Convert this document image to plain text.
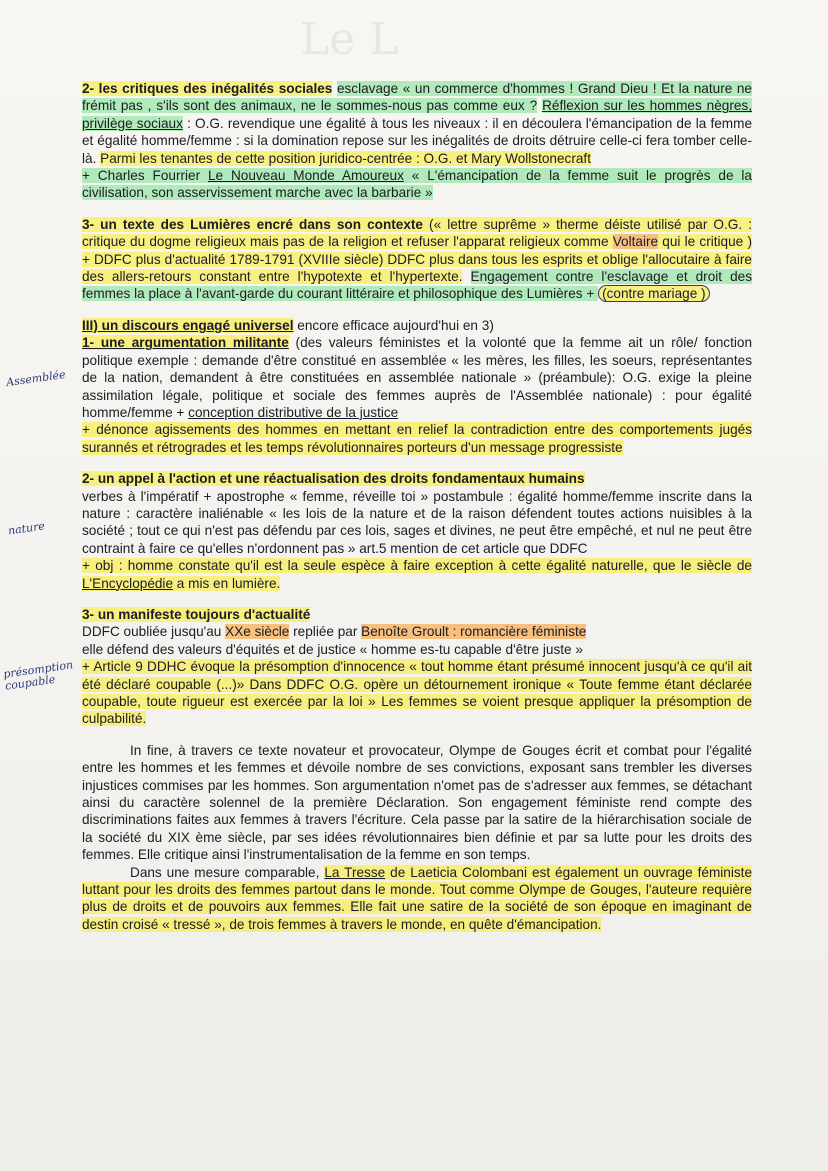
Le L
Assemblée
nature
présomption coupable

2- les critiques des inégalités sociales esclavage « un commerce d'hommes ! Grand Dieu ! Et la nature ne frémit pas , s'ils sont des animaux, ne le sommes-nous pas comme eux ? Réflexion sur les hommes nègres, privilège sociaux : O.G. revendique une égalité à tous les niveaux : il en découlera l'émancipation de la femme et égalité homme/femme : si la domination repose sur les inégalités de droits détruire celle-ci fera tomber celle-là. Parmi les tenantes de cette position juridico-centrée : O.G. et Mary Wollstonecraft
+ Charles Fourrier Le Nouveau Monde Amoureux « L'émancipation de la femme suit le progrès de la civilisation, son asservissement marche avec la barbarie »

3- un texte des Lumières encré dans son contexte (« lettre suprême » therme déiste utilisé par O.G. : critique du dogme religieux mais pas de la religion et refuser l'apparat religieux comme Voltaire qui le critique ) + DDFC plus d'actualité 1789-1791 (XVIIIe siècle) DDFC plus dans tous les esprits et oblige l'allocutaire à faire des allers-retours constant entre l'hypotexte et l'hypertexte. Engagement contre l'esclavage et droit des femmes la place à l'avant-garde du courant littéraire et philosophique des Lumières + (contre mariage )

III) un discours engagé universel encore efficace aujourd'hui en 3)

1- une argumentation militante (des valeurs féministes et la volonté que la femme ait un rôle/ fonction politique exemple : demande d'être constitué en assemblée « les mères, les filles, les soeurs, représentantes de la nation, demandent à être constituées en assemblée nationale » (préambule): O.G. exige la pleine assimilation légale, politique et sociale des femmes auprès de l'Assemblée nationale) : pour égalité homme/femme + conception distributive de la justice
+ dénonce agissements des hommes en mettant en relief la contradiction entre des comportements jugés surannés et rétrogrades et les temps révolutionnaires porteurs d'un message progressiste

2- un appel à l'action et une réactualisation des droits fondamentaux humains
verbes à l'impératif + apostrophe « femme, réveille toi » postambule : égalité homme/femme inscrite dans la nature : caractère inaliénable « les lois de la nature et de la raison défendent toutes actions nuisibles à la société ; tout ce qui n'est pas défendu par ces lois, sages et divines, ne peut être empêché, et nul ne peut être contraint à faire ce qu'elles n'ordonnent pas » art.5 mention de cet article que DDFC
+ obj : homme constate qu'il est la seule espèce à faire exception à cette égalité naturelle, que le siècle de L'Encyclopédie a mis en lumière.

3- un manifeste toujours d'actualité
DDFC oubliée jusqu'au XXe siècle repliée par Benoîte Groult : romancière féministe
elle défend des valeurs d'équités et de justice « homme es-tu capable d'être juste »
+ Article 9 DDHC évoque la présomption d'innocence « tout homme étant présumé innocent jusqu'à ce qu'il ait été déclaré coupable (...)» Dans DDFC O.G. opère un détournement ironique « Toute femme étant déclarée coupable, toute rigueur est exercée par la loi » Les femmes se voient presque appliquer la présomption de culpabilité.

In fine, à travers ce texte novateur et provocateur, Olympe de Gouges écrit et combat pour l'égalité entre les hommes et les femmes et dévoile nombre de ses convictions, exposant sans trembler les diverses injustices commises par les hommes. Son argumentation n'omet pas de s'adresser aux femmes, se détachant ainsi du caractère solennel de la première Déclaration. Son engagement féministe rend compte des discriminations faites aux femmes à travers l'écriture. Cela passe par la satire de la hiérarchisation sociale de la société du XIX ème siècle, par ses idées révolutionnaires bien définie et par sa lutte pour les droits des femmes. Elle critique ainsi l'instrumentalisation de la femme en son temps.

Dans une mesure comparable, La Tresse de Laeticia Colombani est également un ouvrage féministe luttant pour les droits des femmes partout dans le monde. Tout comme Olympe de Gouges, l'auteure requière plus de droits et de pouvoirs aux femmes. Elle fait une satire de la société de son époque en imaginant de destin croisé « tressé », de trois femmes à travers le monde, en quête d'émancipation.
